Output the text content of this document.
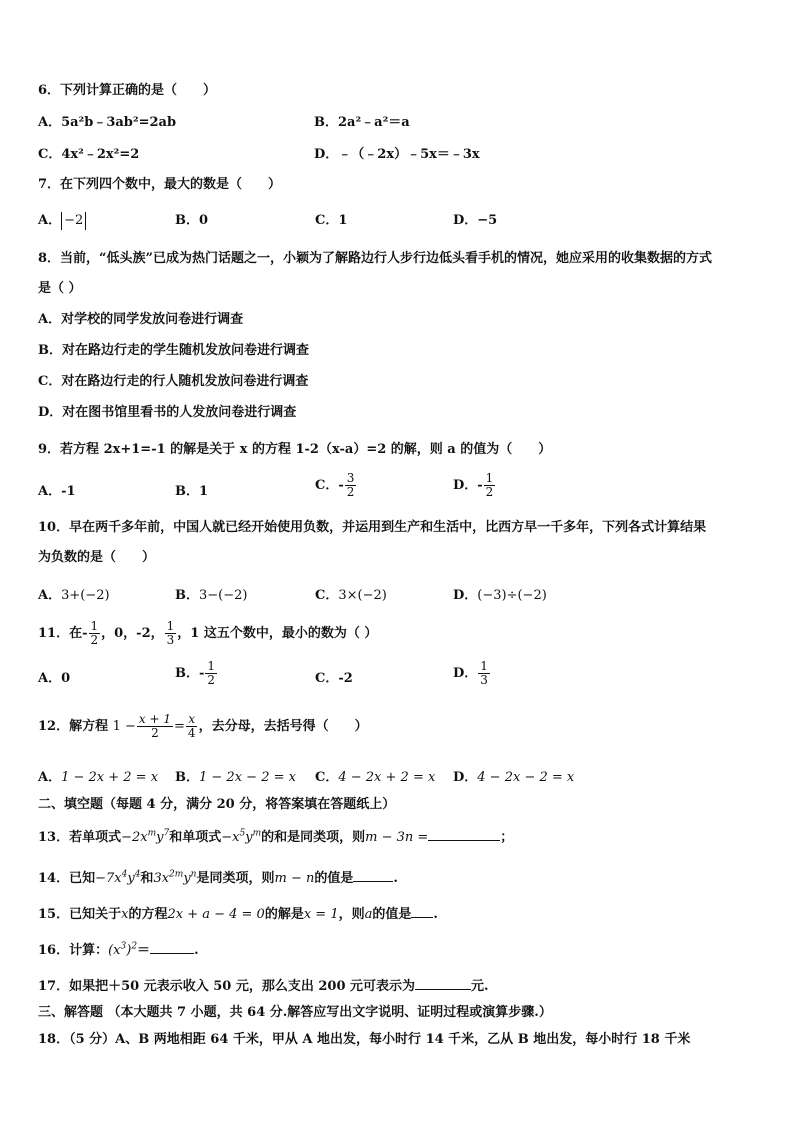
6．下列计算正确的是（　　）
A．5a²b﹣3ab²=2ab	B．2a²﹣a²＝a
C．4x²﹣2x²=2	D．﹣（﹣2x）﹣5x＝﹣3x
7．在下列四个数中，最大的数是（　　）
A． −2	B．0	C．1	D．−5
8．当前，“低头族”已成为热门话题之一，小颖为了解路边行人步行边低头看手机的情况，她应采用的收集数据的方式
是（ ）
A．对学校的同学发放问卷进行调查
B．对在路边行走的学生随机发放问卷进行调查
C．对在路边行走的行人随机发放问卷进行调查
D．对在图书馆里看书的人发放问卷进行调查
9．若方程 2x+1=-1 的解是关于 x 的方程 1-2（x-a）=2 的解，则 a 的值为（　　）
A．-1	B．1	C．- $\frac{3}{2}$	D．- $\frac{1}{2}$
10．早在两千多年前，中国人就已经开始使用负数，并运用到生产和生活中，比西方早一千多年，下列各式计算结果
为负数的是（　　）
A．3+(−2)	B．3−(−2)	C．3×(−2)	D．(−3)÷(−2)
11．在- $\frac{1}{2}$ ，0，-2， $\frac{1}{3}$ ，1 这五个数中，最小的数为（ ）
A．0	B．- $\frac{1}{2}$	C．-2	D． $\frac{1}{3}$
12．解方程 $1 - \frac{x + 1}{2} = \frac{x}{4}$ ，去分母，去括号得（　　）
A．1 − 2x + 2 = x B．1 − 2x − 2 = x C．4 − 2x + 2 = x D．4 − 2x − 2 = x
二、填空题（每题 4 分，满分 20 分，将答案填在答题纸上）
13．若单项式$-2x^my^7$和单项式$-x^5y^m$的和是同类项，则m − 3n =	；
14．已知$-7x^4y^4$和$3x^{2m}y^n$是同类项，则m − n的值是	.
15．已知关于x的方程2x + a − 4 = 0的解是x = 1，则a的值是 .
16．计算：$(x^3)^2=$	.
17．如果把＋50 元表示收入 50 元，那么支出 200 元可表示为	元.
三、解答题 （本大题共 7 小题，共 64 分.解答应写出文字说明、证明过程或演算步骤.）
18．（5 分）A、B 两地相距 64 千米，甲从 A 地出发，每小时行 14 千米，乙从 B 地出发，每小时行 18 千米
